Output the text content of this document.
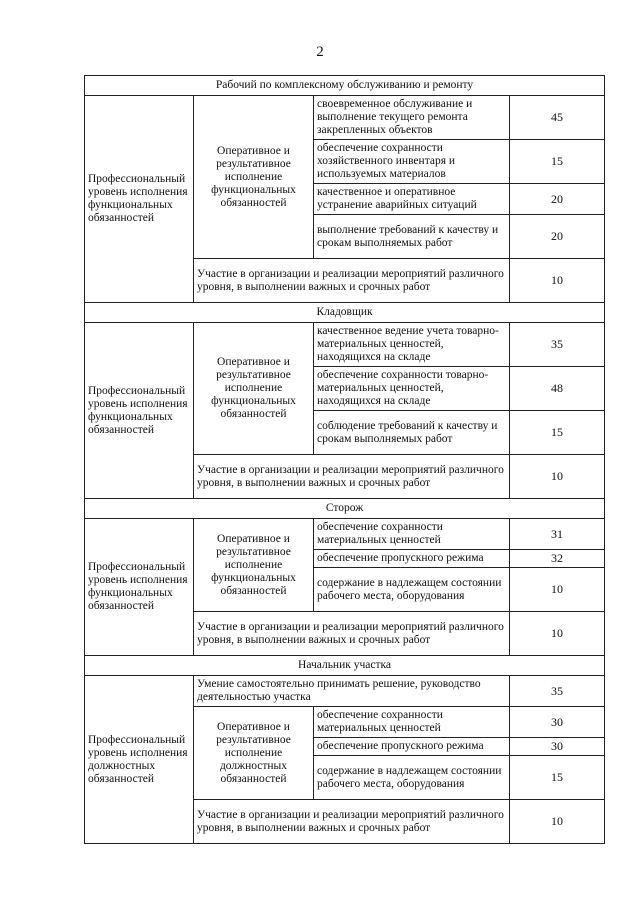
2
Рабочий по комплексному обслуживанию и ремонту			
Профессиональный уровень исполнения функциональных обязанностей	Оперативное и результативное исполнение функциональных обязанностей	своевременное обслуживание и выполнение текущего ремонта закрепленных объектов	45
		обеспечение сохранности хозяйственного инвентаря и используемых материалов	15
		качественное и оперативное устранение аварийных ситуаций	20
		выполнение требований к качеству и срокам выполняемых работ	20
	Участие в организации и реализации мероприятий различного уровня, в выполнении важных и срочных работ		10
Кладовщик			
Профессиональный уровень исполнения функциональных обязанностей	Оперативное и результативное исполнение функциональных обязанностей	качественное ведение учета товарно-материальных ценностей, находящихся на складе	35
		обеспечение сохранности товарно-материальных ценностей, находящихся на складе	48
		соблюдение требований к качеству и срокам выполняемых работ	15
	Участие в организации и реализации мероприятий различного уровня, в выполнении важных и срочных работ		10
Сторож			
Профессиональный уровень исполнения функциональных обязанностей	Оперативное и результативное исполнение функциональных обязанностей	обеспечение сохранности материальных ценностей	31
		обеспечение пропускного режима	32
		содержание в надлежащем состоянии рабочего места, оборудования	10
	Участие в организации и реализации мероприятий различного уровня, в выполнении важных и срочных работ		10
Начальник участка			
Профессиональный уровень исполнения должностных обязанностей	Умение самостоятельно принимать решение, руководство деятельностью участка		35
	Оперативное и результативное исполнение должностных обязанностей	обеспечение сохранности материальных ценностей	30
		обеспечение пропускного режима	30
		содержание в надлежащем состоянии рабочего места, оборудования	15
	Участие в организации и реализации мероприятий различного уровня, в выполнении важных и срочных работ		10
